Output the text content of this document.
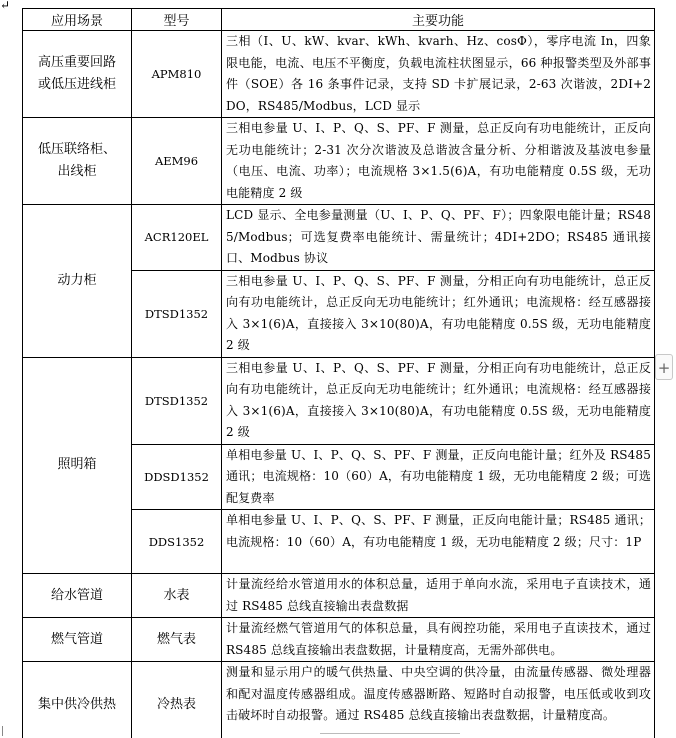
↵
应用场景	型号	主要功能

高压重要回路或低压进线柜	APM810	三相（I、U、kW、kvar、kWh、kvarh、Hz、cosΦ），零序电流 In，四象限电能，电流、电压不平衡度，负载电流柱状图显示，66 种报警类型及外部事件（SOE）各 16 条事件记录，支持 SD 卡扩展记录，2-63 次谐波，2DI+2DO，RS485/Modbus，LCD 显示

低压联络柜、出线柜	AEM96	三相电参量 U、I、P、Q、S、PF、F 测量，总正反向有功电能统计，正反向无功电能统计；2-31 次分次谐波及总谐波含量分析、分相谐波及基波电参量（电压、电流、功率）；电流规格 3×1.5(6)A，有功电能精度 0.5S 级，无功电能精度 2 级
动力柜	ACR120EL	LCD 显示、全电参量测量（U、I、P、Q、PF、F）；四象限电能计量；RS485/Modbus；可选复费率电能统计、需量统计；4DI+2DO；RS485 通讯接口、Modbus 协议
	DTSD1352	三相电参量 U、I、P、Q、S、PF、F 测量，分相正向有功电能统计，总正反向有功电能统计，总正反向无功电能统计；红外通讯；电流规格：经互感器接入 3×1(6)A，直接接入 3×10(80)A，有功电能精度 0.5S 级，无功电能精度 2 级
照明箱	DTSD1352	三相电参量 U、I、P、Q、S、PF、F 测量，分相正向有功电能统计，总正反向有功电能统计，总正反向无功电能统计；红外通讯；电流规格：经互感器接入 3×1(6)A，直接接入 3×10(80)A，有功电能精度 0.5S 级，无功电能精度 2 级
	DDSD1352	单相电参量 U、I、P、Q、S、PF、F 测量，正反向电能计量；红外及 RS485 通讯；电流规格：10（60）A，有功电能精度 1 级，无功电能精度 2 级；可选配复费率
	DDS1352	单相电参量 U、I、P、Q、S、PF、F 测量，正反向电能计量；RS485 通讯；电流规格：10（60）A，有功电能精度 1 级，无功电能精度 2 级；尺寸：1P
给水管道	水表	计量流经给水管道用水的体积总量，适用于单向水流，采用电子直读技术，通过 RS485 总线直接输出表盘数据
燃气管道	燃气表	计量流经燃气管道用气的体积总量，具有阀控功能，采用电子直读技术，通过 RS485 总线直接输出表盘数据，计量精度高，无需外部供电。
集中供冷供热	冷热表	测量和显示用户的暖气供热量、中央空调的供冷量，由流量传感器、微处理器和配对温度传感器组成。温度传感器断路、短路时自动报警，电压低或收到攻击破坏时自动报警。通过 RS485 总线直接输出表盘数据，计量精度高。
+
